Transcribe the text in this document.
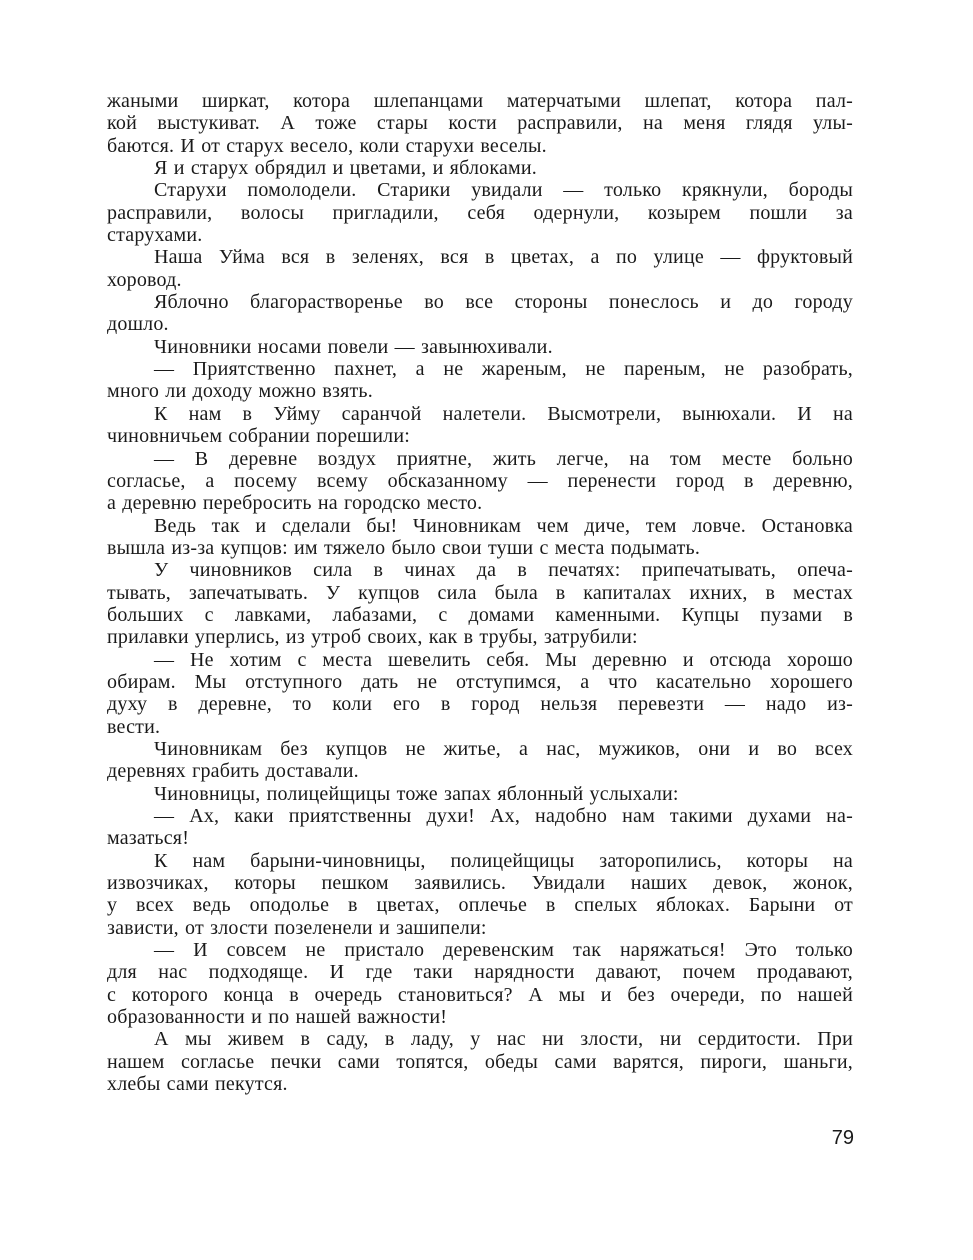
жаными ширкат, котора шлепанцами матерчатыми шлепат, котора пал-
кой выстукиват. А тоже стары кости расправили, на меня глядя улы-
баются. И от старух весело, коли старухи веселы.
Я и старух обрядил и цветами, и яблоками.
Старухи помолодели. Старики увидали — только крякнули, бороды
расправили, волосы пригладили, себя одернули, козырем пошли за
старухами.
Наша Уйма вся в зеленях, вся в цветах, а по улице — фруктовый
хоровод.
Яблочно благорастворенье во все стороны понеслось и до городу
дошло.
Чиновники носами повели — завынюхивали.
— Приятственно пахнет, а не жареным, не пареным, не разобрать,
много ли доходу можно взять.
К нам в Уйму саранчой налетели. Высмотрели, вынюхали. И на
чиновничьем собрании порешили:
— В деревне воздух приятне, жить легче, на том месте больно
согласье, а посему всему обсказанному — перенести город в деревню,
а деревню перебросить на городско место.
Ведь так и сделали бы! Чиновникам чем диче, тем ловче. Остановка
вышла из-за купцов: им тяжело было свои туши с места подымать.
У чиновников сила в чинах да в печатях: припечатывать, опеча-
тывать, запечатывать. У купцов сила была в капиталах ихних, в местах
больших с лавками, лабазами, с домами каменными. Купцы пузами в
прилавки уперлись, из утроб своих, как в трубы, затрубили:
— Не хотим с места шевелить себя. Мы деревню и отсюда хорошо
обирам. Мы отступного дать не отступимся, а что касательно хорошего
духу в деревне, то коли его в город нельзя перевезти — надо из-
вести.
Чиновникам без купцов не житье, а нас, мужиков, они и во всех
деревнях грабить доставали.
Чиновницы, полицейщицы тоже запах яблонный услыхали:
— Ах, каки приятственны духи! Ах, надобно нам такими духами на-
мазаться!
К нам барыни-чиновницы, полицейщицы заторопились, которы на
извозчиках, которы пешком заявились. Увидали наших девок, жонок,
у всех ведь оподолье в цветах, оплечье в спелых яблоках. Барыни от
зависти, от злости позеленели и зашипели:
— И совсем не пристало деревенским так наряжаться! Это только
для нас подходяще. И где таки нарядности давают, почем продавают,
с которого конца в очередь становиться? А мы и без очереди, по нашей
образованности и по нашей важности!
А мы живем в саду, в ладу, у нас ни злости, ни сердитости. При
нашем согласье печки сами топятся, обеды сами варятся, пироги, шаньги,
хлебы сами пекутся.
79
